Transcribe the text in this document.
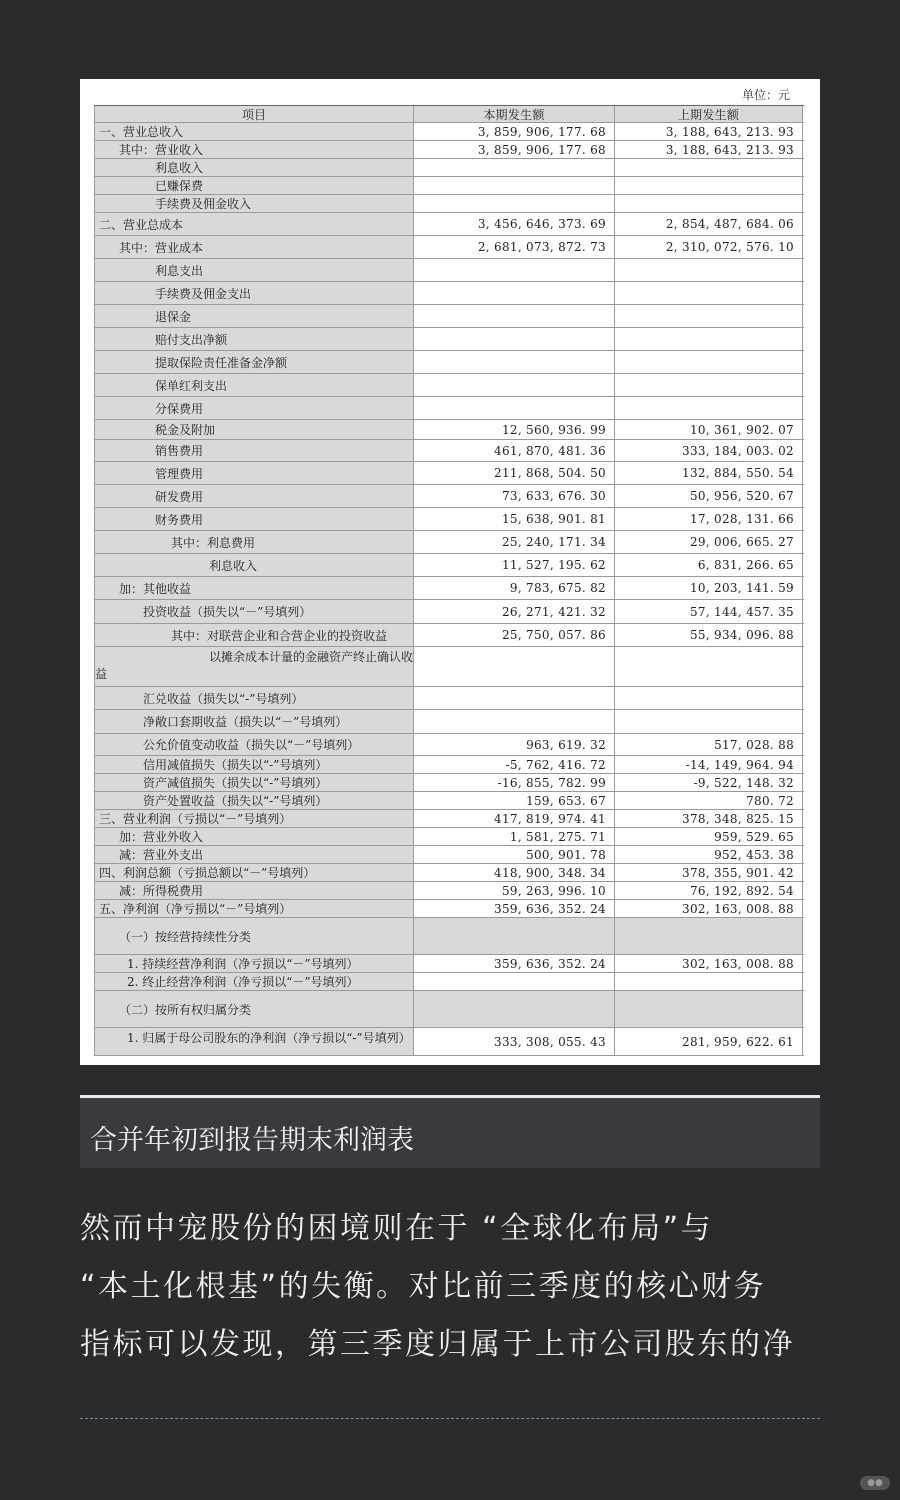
单位：元
项目	本期发生额	上期发生额
一、营业总收入	3, 859, 906, 177. 68	3, 188, 643, 213. 93
其中：营业收入	3, 859, 906, 177. 68	3, 188, 643, 213. 93
利息收入
已赚保费
手续费及佣金收入
二、营业总成本	3, 456, 646, 373. 69	2, 854, 487, 684. 06
其中：营业成本	2, 681, 073, 872. 73	2, 310, 072, 576. 10
利息支出
手续费及佣金支出
退保金
赔付支出净额
提取保险责任准备金净额
保单红利支出
分保费用
税金及附加	12, 560, 936. 99	10, 361, 902. 07
销售费用	461, 870, 481. 36	333, 184, 003. 02
管理费用	211, 868, 504. 50	132, 884, 550. 54
研发费用	73, 633, 676. 30	50, 956, 520. 67
财务费用	15, 638, 901. 81	17, 028, 131. 66
其中：利息费用	25, 240, 171. 34	29, 006, 665. 27
利息收入	11, 527, 195. 62	6, 831, 266. 65
加：其他收益	9, 783, 675. 82	10, 203, 141. 59
投资收益（损失以“－”号填列）	26, 271, 421. 32	57, 144, 457. 35
其中：对联营企业和合营企业的投资收益	25, 750, 057. 86	55, 934, 096. 88
以摊余成本计量的金融资产终止确认收益
汇兑收益（损失以“-”号填列）
净敞口套期收益（损失以“－”号填列）
公允价值变动收益（损失以“－”号填列）	963, 619. 32	517, 028. 88
信用减值损失（损失以“-”号填列）	-5, 762, 416. 72	-14, 149, 964. 94
资产减值损失（损失以“-”号填列）	-16, 855, 782. 99	-9, 522, 148. 32
资产处置收益（损失以“-”号填列）	159, 653. 67	780. 72
三、营业利润（亏损以“－”号填列）	417, 819, 974. 41	378, 348, 825. 15
加：营业外收入	1, 581, 275. 71	959, 529. 65
减：营业外支出	500, 901. 78	952, 453. 38
四、利润总额（亏损总额以“－”号填列）	418, 900, 348. 34	378, 355, 901. 42
减：所得税费用	59, 263, 996. 10	76, 192, 892. 54
五、净利润（净亏损以“－”号填列）	359, 636, 352. 24	302, 163, 008. 88
（一）按经营持续性分类
1. 持续经营净利润（净亏损以“－”号填列）	359, 636, 352. 24	302, 163, 008. 88
2. 终止经营净利润（净亏损以“－”号填列）
（二）按所有权归属分类
1. 归属于母公司股东的净利润（净亏损以“-”号填列）	333, 308, 055. 43	281, 959, 622. 61
合并年初到报告期末利润表
然而中宠股份的困境则在于 “全球化布局”与
“本土化根基”的失衡。对比前三季度的核心财务
指标可以发现，第三季度归属于上市公司股东的净
●●
